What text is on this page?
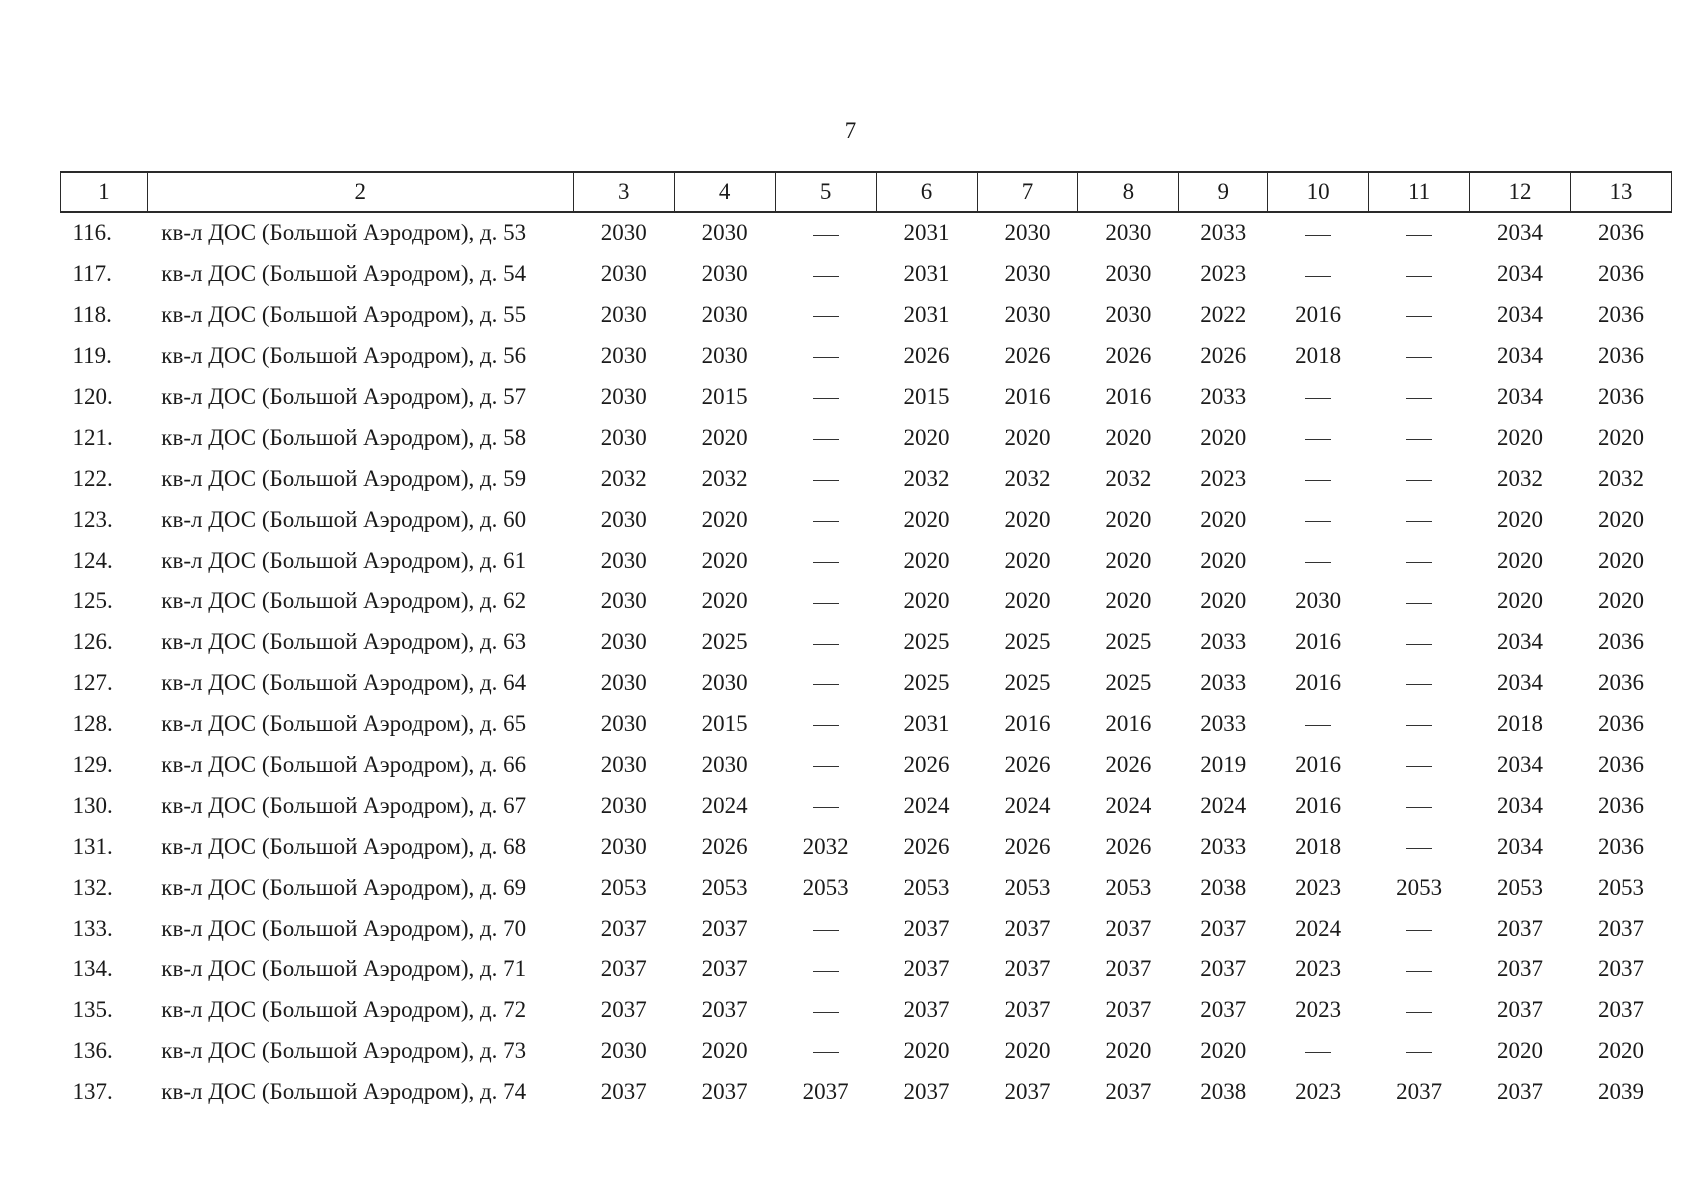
7
1	2	3	4	5	6	7	8	9	10	11	12	13
116.	кв-л ДОС (Большой Аэродром), д. 53	2030	2030		2031	2030	2030	2033			2034	2036
117.	кв-л ДОС (Большой Аэродром), д. 54	2030	2030		2031	2030	2030	2023			2034	2036
118.	кв-л ДОС (Большой Аэродром), д. 55	2030	2030		2031	2030	2030	2022	2016		2034	2036
119.	кв-л ДОС (Большой Аэродром), д. 56	2030	2030		2026	2026	2026	2026	2018		2034	2036
120.	кв-л ДОС (Большой Аэродром), д. 57	2030	2015		2015	2016	2016	2033			2034	2036
121.	кв-л ДОС (Большой Аэродром), д. 58	2030	2020		2020	2020	2020	2020			2020	2020
122.	кв-л ДОС (Большой Аэродром), д. 59	2032	2032		2032	2032	2032	2023			2032	2032
123.	кв-л ДОС (Большой Аэродром), д. 60	2030	2020		2020	2020	2020	2020			2020	2020
124.	кв-л ДОС (Большой Аэродром), д. 61	2030	2020		2020	2020	2020	2020			2020	2020
125.	кв-л ДОС (Большой Аэродром), д. 62	2030	2020		2020	2020	2020	2020	2030		2020	2020
126.	кв-л ДОС (Большой Аэродром), д. 63	2030	2025		2025	2025	2025	2033	2016		2034	2036
127.	кв-л ДОС (Большой Аэродром), д. 64	2030	2030		2025	2025	2025	2033	2016		2034	2036
128.	кв-л ДОС (Большой Аэродром), д. 65	2030	2015		2031	2016	2016	2033			2018	2036
129.	кв-л ДОС (Большой Аэродром), д. 66	2030	2030		2026	2026	2026	2019	2016		2034	2036
130.	кв-л ДОС (Большой Аэродром), д. 67	2030	2024		2024	2024	2024	2024	2016		2034	2036
131.	кв-л ДОС (Большой Аэродром), д. 68	2030	2026	2032	2026	2026	2026	2033	2018		2034	2036
132.	кв-л ДОС (Большой Аэродром), д. 69	2053	2053	2053	2053	2053	2053	2038	2023	2053	2053	2053
133.	кв-л ДОС (Большой Аэродром), д. 70	2037	2037		2037	2037	2037	2037	2024		2037	2037
134.	кв-л ДОС (Большой Аэродром), д. 71	2037	2037		2037	2037	2037	2037	2023		2037	2037
135.	кв-л ДОС (Большой Аэродром), д. 72	2037	2037		2037	2037	2037	2037	2023		2037	2037
136.	кв-л ДОС (Большой Аэродром), д. 73	2030	2020		2020	2020	2020	2020			2020	2020
137.	кв-л ДОС (Большой Аэродром), д. 74	2037	2037	2037	2037	2037	2037	2038	2023	2037	2037	2039
